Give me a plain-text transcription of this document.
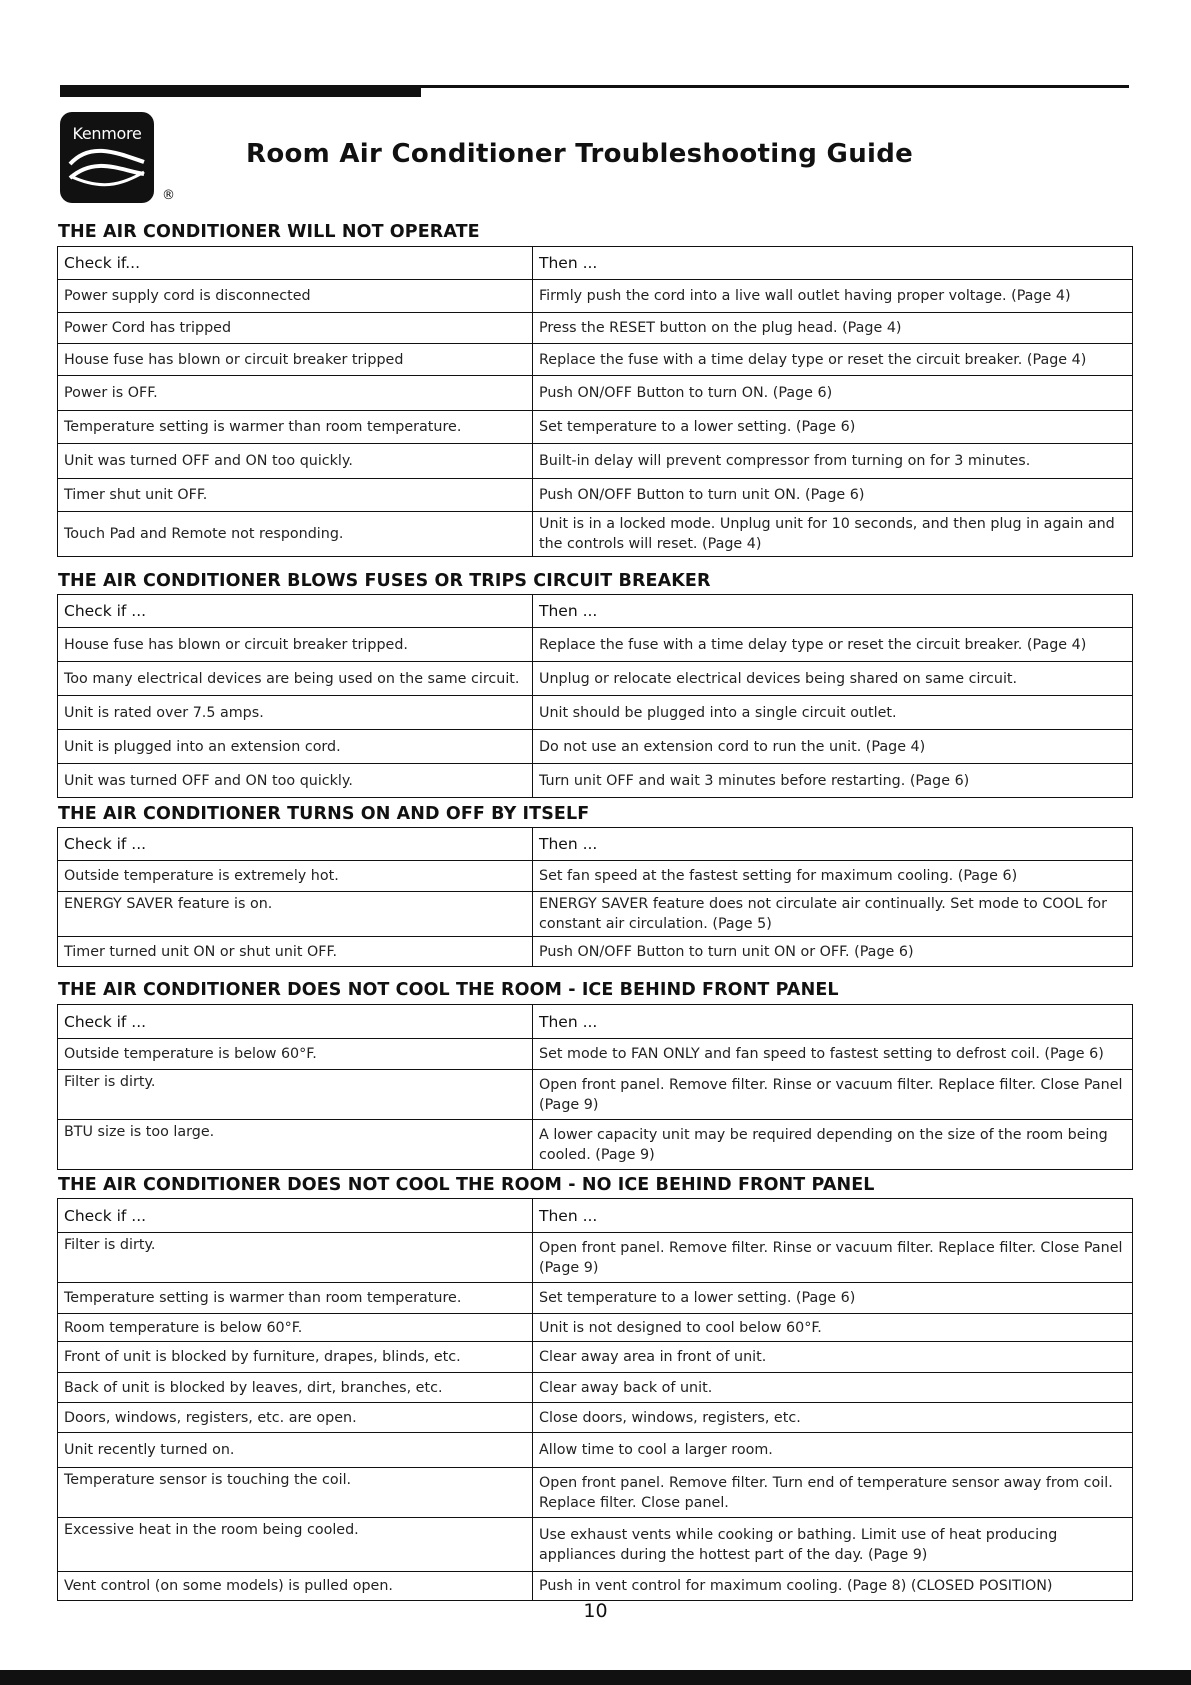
Kenmore
®
Room Air Conditioner Troubleshooting Guide
THE AIR CONDITIONER WILL NOT OPERATE
Check if...	Then ...
Power supply cord is disconnected	Firmly push the cord into a live wall outlet having proper voltage. (Page 4)
Power Cord has tripped	Press the RESET button on the plug head. (Page 4)
House fuse has blown or circuit breaker tripped	Replace the fuse with a time delay type or reset the circuit breaker. (Page 4)
Power is OFF.	Push ON/OFF Button to turn ON. (Page 6)
Temperature setting is warmer than room temperature.	Set temperature to a lower setting. (Page 6)
Unit was turned OFF and ON too quickly.	Built-in delay will prevent compressor from turning on for 3 minutes.
Timer shut unit OFF.	Push ON/OFF Button to turn unit ON. (Page 6)
Touch Pad and Remote not responding.	Unit is in a locked mode. Unplug unit for 10 seconds, and then plug in again and the controls will reset. (Page 4)
THE AIR CONDITIONER BLOWS FUSES OR TRIPS CIRCUIT BREAKER
Check if ...	Then ...
House fuse has blown or circuit breaker tripped.	Replace the fuse with a time delay type or reset the circuit breaker. (Page 4)
Too many electrical devices are being used on the same circuit.	Unplug or relocate electrical devices being shared on same circuit.
Unit is rated over 7.5 amps.	Unit should be plugged into a single circuit outlet.
Unit is plugged into an extension cord.	Do not use an extension cord to run the unit. (Page 4)
Unit was turned OFF and ON too quickly.	Turn unit OFF and wait 3 minutes before restarting. (Page 6)
THE AIR CONDITIONER TURNS ON AND OFF BY ITSELF
Check if ...	Then ...
Outside temperature is extremely hot.	Set fan speed at the fastest setting for maximum cooling. (Page 6)
ENERGY SAVER feature is on.	ENERGY SAVER feature does not circulate air continually. Set mode to COOL for constant air circulation. (Page 5)
Timer turned unit ON or shut unit OFF.	Push ON/OFF Button to turn unit ON or OFF. (Page 6)
THE AIR CONDITIONER DOES NOT COOL THE ROOM - ICE BEHIND FRONT PANEL
Check if ...	Then ...
Outside temperature is below 60°F.	Set mode to FAN ONLY and fan speed to fastest setting to defrost coil. (Page 6)
Filter is dirty.	Open front panel. Remove filter. Rinse or vacuum filter. Replace filter. Close Panel (Page 9)
BTU size is too large.	A lower capacity unit may be required depending on the size of the room being cooled. (Page 9)
THE AIR CONDITIONER DOES NOT COOL THE ROOM - NO ICE BEHIND FRONT PANEL
Check if ...	Then ...
Filter is dirty.	Open front panel. Remove filter. Rinse or vacuum filter. Replace filter. Close Panel (Page 9)
Temperature setting is warmer than room temperature.	Set temperature to a lower setting. (Page 6)
Room temperature is below 60°F.	Unit is not designed to cool below 60°F.
Front of unit is blocked by furniture, drapes, blinds, etc.	Clear away area in front of unit.
Back of unit is blocked by leaves, dirt, branches, etc.	Clear away back of unit.
Doors, windows, registers, etc. are open.	Close doors, windows, registers, etc.
Unit recently turned on.	Allow time to cool a larger room.
Temperature sensor is touching the coil.	Open front panel. Remove filter. Turn end of temperature sensor away from coil. Replace filter. Close panel.
Excessive heat in the room being cooled.	Use exhaust vents while cooking or bathing. Limit use of heat producing appliances during the hottest part of the day. (Page 9)
Vent control (on some models) is pulled open.	Push in vent control for maximum cooling. (Page 8) (CLOSED POSITION)
10
